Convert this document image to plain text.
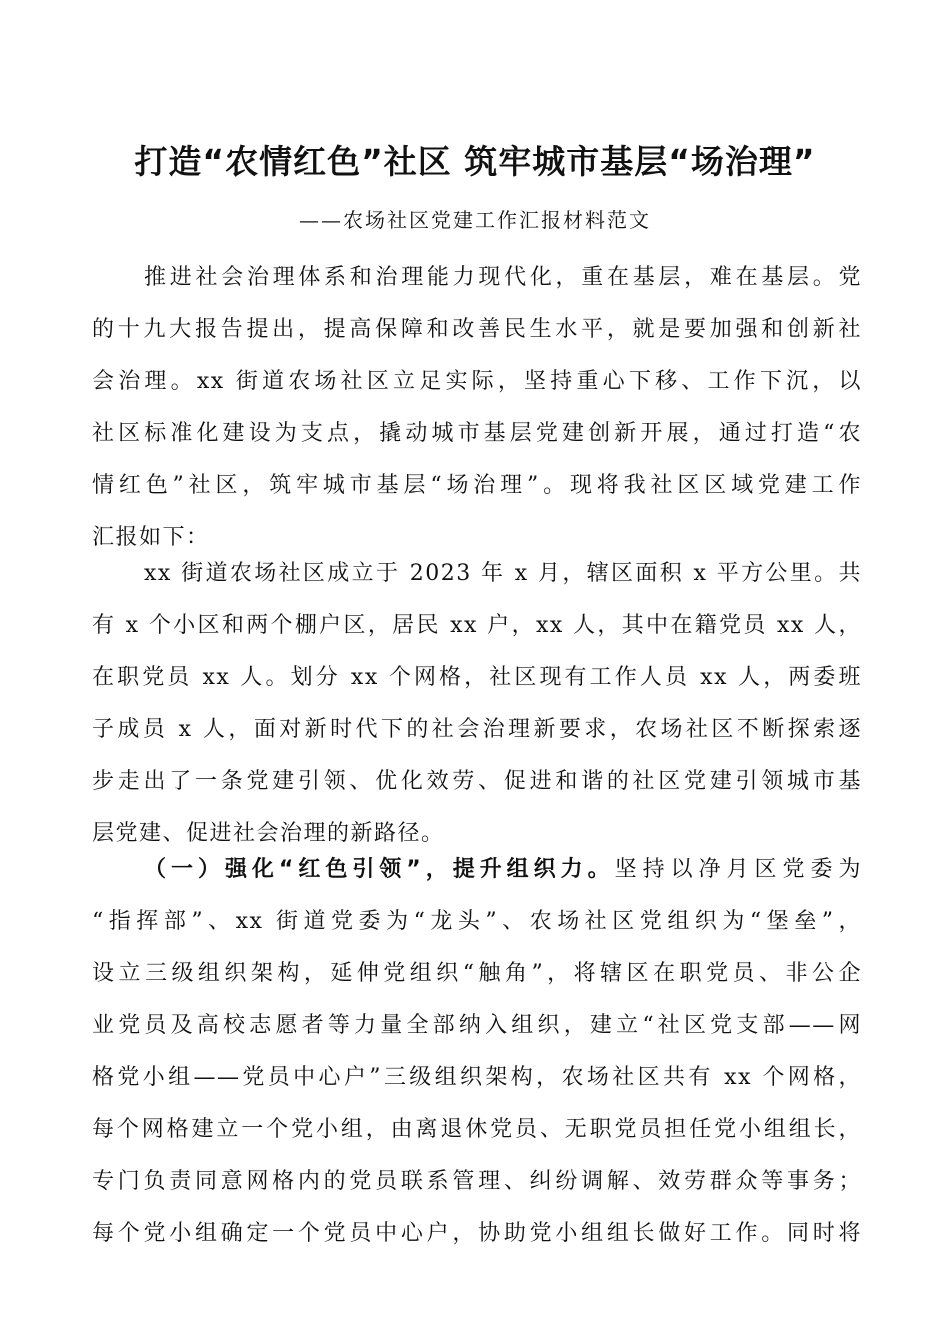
打造“农情红色”社区 筑牢城市基层“场治理”

——农场社区党建工作汇报材料范文

推进社会治理体系和治理能力现代化，重在基层，难在基层。党
的十九大报告提出，提高保障和改善民生水平，就是要加强和创新社
会治理。xx 街道农场社区立足实际，坚持重心下移、工作下沉，以
社区标准化建设为支点，撬动城市基层党建创新开展，通过打造“农
情红色”社区，筑牢城市基层“场治理”。现将我社区区域党建工作
汇报如下：
xx 街道农场社区成立于 2023 年 x 月，辖区面积 x 平方公里。共
有 x 个小区和两个棚户区，居民 xx 户，xx 人，其中在籍党员 xx 人，
在职党员 xx 人。划分 xx 个网格，社区现有工作人员 xx 人，两委班
子成员 x 人，面对新时代下的社会治理新要求，农场社区不断探索逐
步走出了一条党建引领、优化效劳、促进和谐的社区党建引领城市基
层党建、促进社会治理的新路径。
（一）强化“红色引领”，提升组织力。坚持以净月区党委为
“指挥部”、xx 街道党委为“龙头”、农场社区党组织为“堡垒”，
设立三级组织架构，延伸党组织“触角”，将辖区在职党员、非公企
业党员及高校志愿者等力量全部纳入组织，建立“社区党支部——网
格党小组——党员中心户”三级组织架构，农场社区共有 xx 个网格，
每个网格建立一个党小组，由离退休党员、无职党员担任党小组组长，
专门负责同意网格内的党员联系管理、纠纷调解、效劳群众等事务；
每个党小组确定一个党员中心户，协助党小组组长做好工作。同时将
